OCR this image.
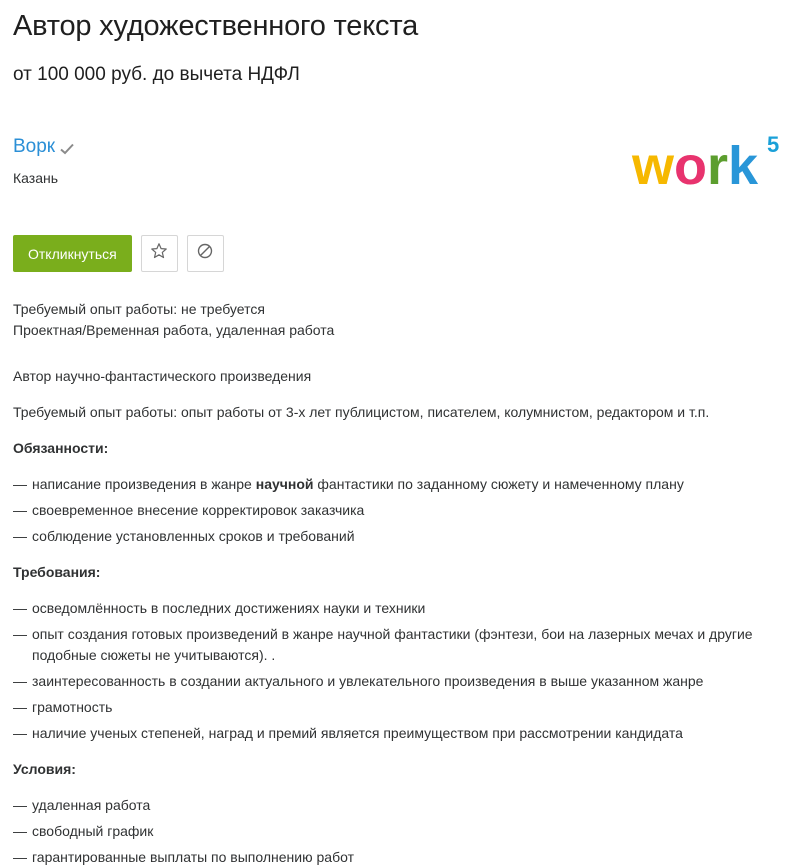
Автор художественного текста
от 100 000 руб. до вычета НДФЛ
Ворк
Казань	work 5
Откликнуться
Требуемый опыт работы: не требуется
Проектная/Временная работа, удаленная работа

Автор научно-фантастического произведения

Требуемый опыт работы: опыт работы от 3-х лет публицистом, писателем, колумнистом, редактором и т.п.

Обязанности:

— написание произведения в жанре научной фантастики по заданному сюжету и намеченному плану
— своевременное внесение корректировок заказчика
— соблюдение установленных сроков и требований

Требования:

— осведомлённость в последних достижениях науки и техники
— опыт создания готовых произведений в жанре научной фантастики (фэнтези, бои на лазерных мечах и другие подобные сюжеты не учитываются). .
— заинтересованность в создании актуального и увлекательного произведения в выше указанном жанре
— грамотность
— наличие ученых степеней, наград и премий является преимуществом при рассмотрении кандидата

Условия:

— удаленная работа
— свободный график
— гарантированные выплаты по выполнению работ
